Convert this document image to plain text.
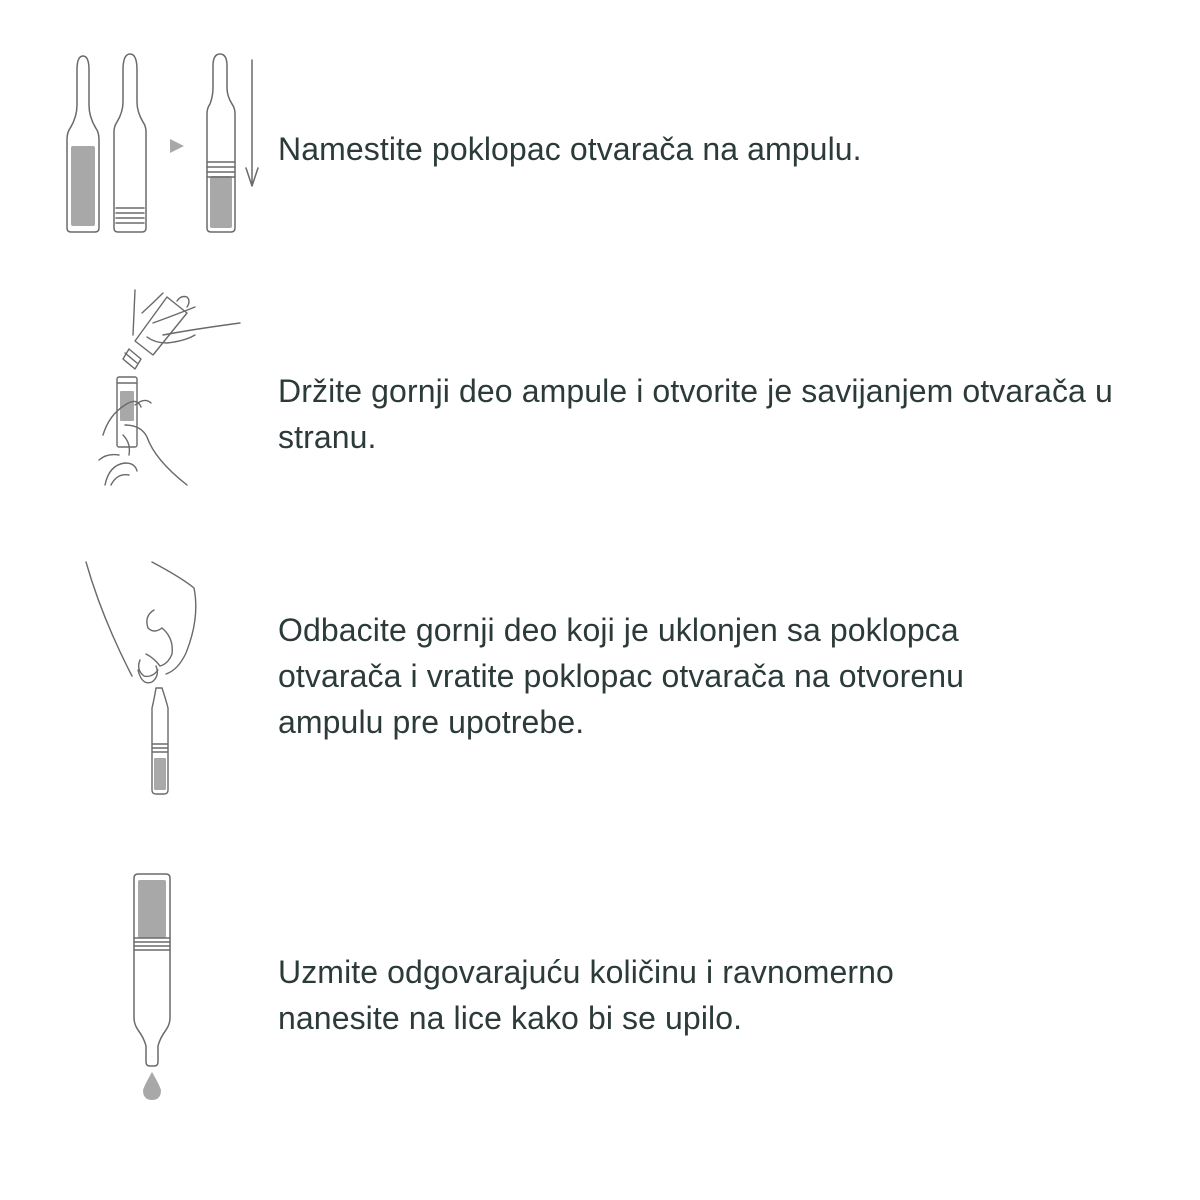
Namestite poklopac otvarača na ampulu.

Držite gornji deo ampule i otvorite je savijanjem otvarača u
stranu.

Odbacite gornji deo koji je uklonjen sa poklopca
otvarača i vratite poklopac otvarača na otvorenu
ampulu pre upotrebe.

Uzmite odgovarajuću količinu i ravnomerno
nanesite na lice kako bi se upilo.
